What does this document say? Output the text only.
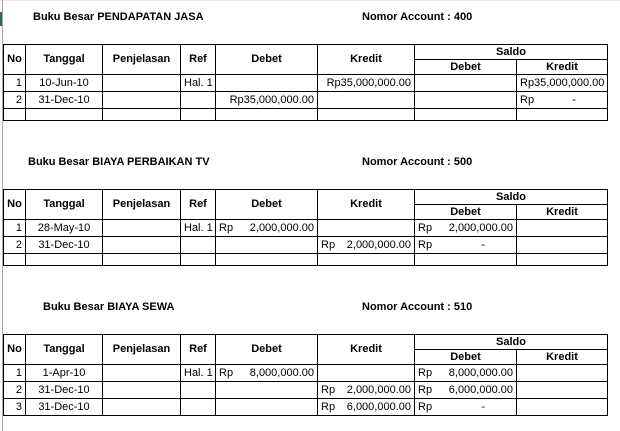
Buku Besar PENDAPATAN JASA	Nomor Account : 400
No	Tanggal	Penjelasan	Ref	Debet	Kredit	Saldo	
						Debet	Kredit
1	10-Jun-10		Hal. 1		Rp35,000,000.00		Rp35,000,000.00
2	31-Dec-10			Rp35,000,000.00			Rp -

Buku Besar BIAYA PERBAIKAN TV	Nomor Account : 500
No	Tanggal	Penjelasan	Ref	Debet	Kredit	Saldo	
						Debet	Kredit
1	28-May-10		Hal. 1	Rp 2,000,000.00		Rp 2,000,000.00	

2	31-Dec-10				Rp 2,000,000.00	Rp -	

Buku Besar BIAYA SEWA	Nomor Account : 510
No	Tanggal	Penjelasan	Ref	Debet	Kredit	Saldo	
						Debet	Kredit
1	1-Apr-10		Hal. 1	Rp 8,000,000.00		Rp 8,000,000.00	

2	31-Dec-10				Rp 2,000,000.00	Rp 6,000,000.00	

3	31-Dec-10				Rp 6,000,000.00	Rp -	
